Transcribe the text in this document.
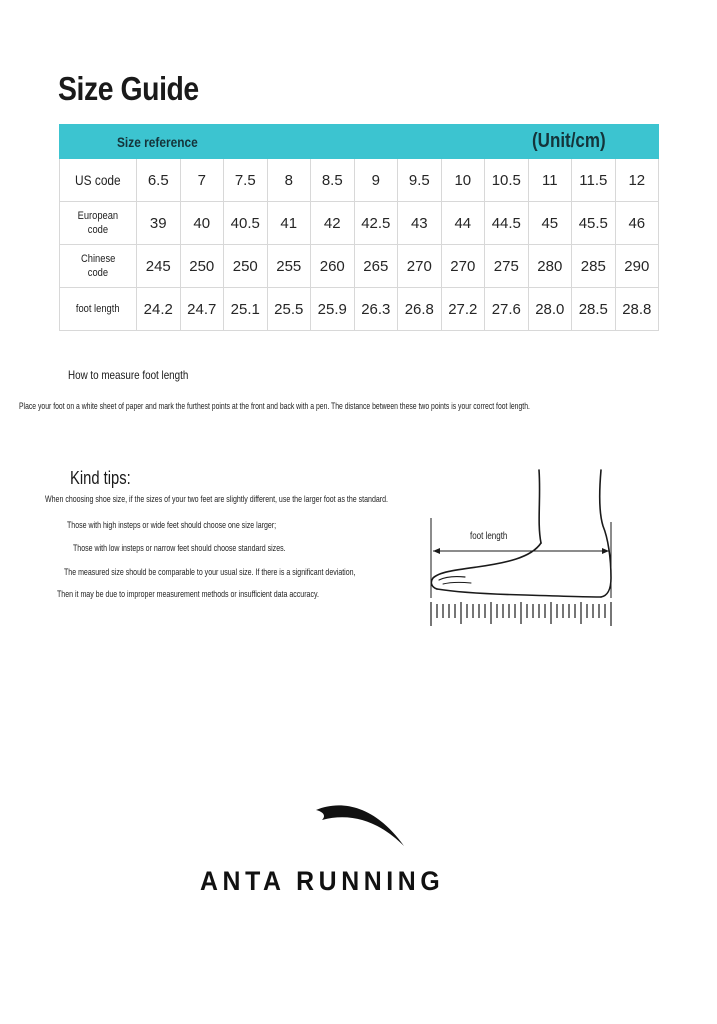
Size Guide
Size reference						(Unit/cm)						
US code	6.5	7	7.5	8	8.5	9	9.5	10	10.5	11	11.5	12
European
code	39	40	40.5	41	42	42.5	43	44	44.5	45	45.5	46
Chinese
code	245	250	250	255	260	265	270	270	275	280	285	290
foot length	24.2	24.7	25.1	25.5	25.9	26.3	26.8	27.2	27.6	28.0	28.5	28.8
How to measure foot length
Place your foot on a white sheet of paper and mark the furthest points at the front and back with a pen. The distance between these two points is your correct foot length.
Kind tips:
When choosing shoe size, if the sizes of your two feet are slightly different, use the larger foot as the standard.
Those with high insteps or wide feet should choose one size larger;
Those with low insteps or narrow feet should choose standard sizes.
The measured size should be comparable to your usual size. If there is a significant deviation,
Then it may be due to improper measurement methods or insufficient data accuracy.
foot length
ANTA RUNNING
